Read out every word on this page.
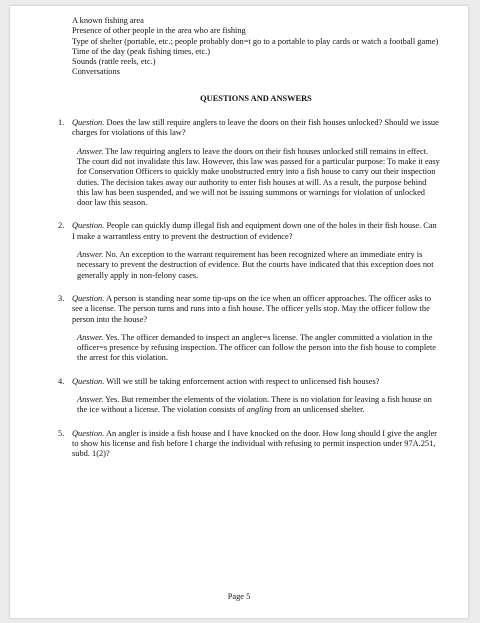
A known fishing area
Presence of other people in the area who are fishing
Type of shelter (portable, etc.; people probably don=t go to a portable to play cards or watch a football game)
Time of the day (peak fishing times, etc.)
Sounds (rattle reels, etc.)
Conversations
QUESTIONS AND ANSWERS
1. Question. Does the law still require anglers to leave the doors on their fish houses unlocked? Should we issue charges for violations of this law?
Answer. The law requiring anglers to leave the doors on their fish houses unlocked still remains in effect. The court did not invalidate this law. However, this law was passed for a particular purpose: To make it easy for Conservation Officers to quickly make unobstructed entry into a fish house to carry out their inspection duties. The decision takes away our authority to enter fish houses at will. As a result, the purpose behind this law has been suspended, and we will not be issuing summons or warnings for violation of unlocked door law this season.
2. Question. People can quickly dump illegal fish and equipment down one of the holes in their fish house. Can I make a warrantless entry to prevent the destruction of evidence?
Answer. No. An exception to the warrant requirement has been recognized where an immediate entry is necessary to prevent the destruction of evidence. But the courts have indicated that this exception does not generally apply in non-felony cases.
3. Question. A person is standing near some tip-ups on the ice when an officer approaches. The officer asks to see a license. The person turns and runs into a fish house. The officer yells stop. May the officer follow the person into the house?
Answer. Yes. The officer demanded to inspect an angler=s license. The angler committed a violation in the officer=s presence by refusing inspection. The officer can follow the person into the fish house to complete the arrest for this violation.
4. Question. Will we still be taking enforcement action with respect to unlicensed fish houses?
Answer. Yes. But remember the elements of the violation. There is no violation for leaving a fish house on the ice without a license. The violation consists of angling from an unlicensed shelter.
5. Question. An angler is inside a fish house and I have knocked on the door. How long should I give the angler to show his license and fish before I charge the individual with refusing to permit inspection under 97A.251, subd. 1(2)?
Page 5
